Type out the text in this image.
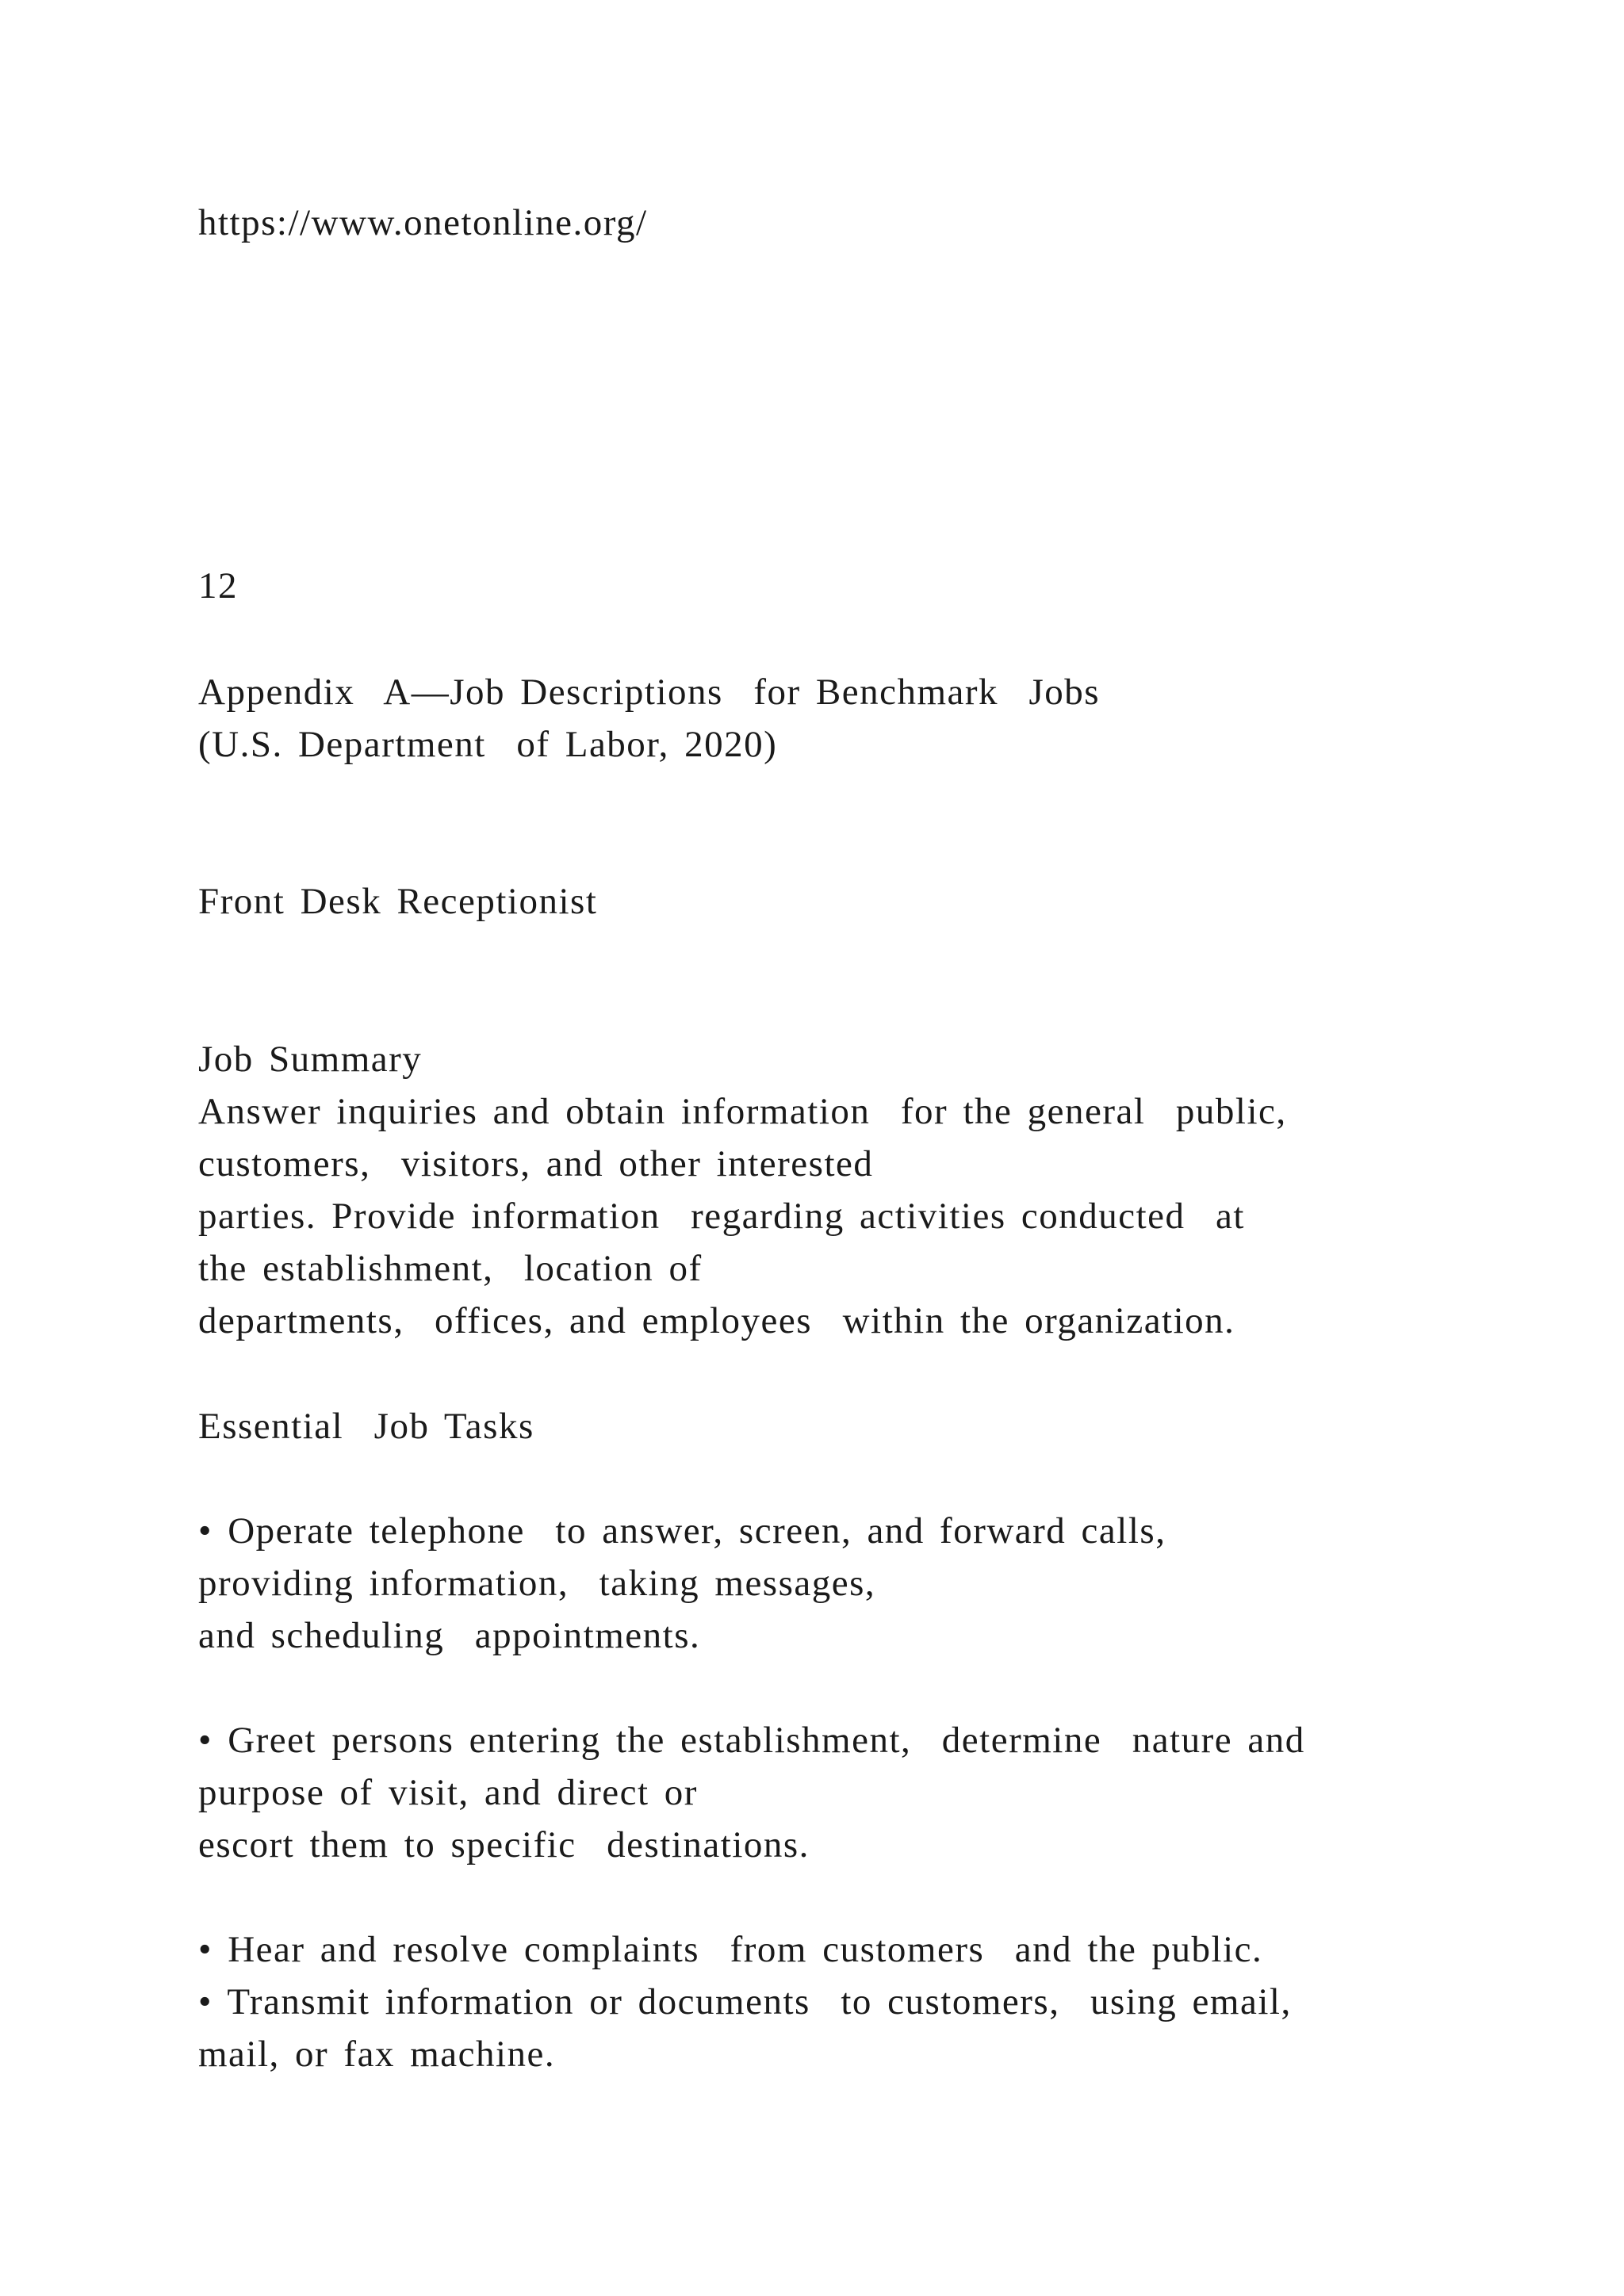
https://www.onetonline.org/
12
Appendix  A—Job Descriptions  for Benchmark  Jobs
(U.S. Department  of Labor, 2020)
Front Desk Receptionist
Job Summary
Answer inquiries and obtain information  for the general  public,
customers,  visitors, and other interested
parties. Provide information  regarding activities conducted  at
the establishment,  location of
departments,  offices, and employees  within the organization.
Essential  Job Tasks
• Operate telephone  to answer, screen, and forward calls,
providing information,  taking messages,
and scheduling  appointments.
• Greet persons entering the establishment,  determine  nature and
purpose of visit, and direct or
escort them to specific  destinations.
• Hear and resolve complaints  from customers  and the public.
• Transmit information or documents  to customers,  using email,
mail, or fax machine.
